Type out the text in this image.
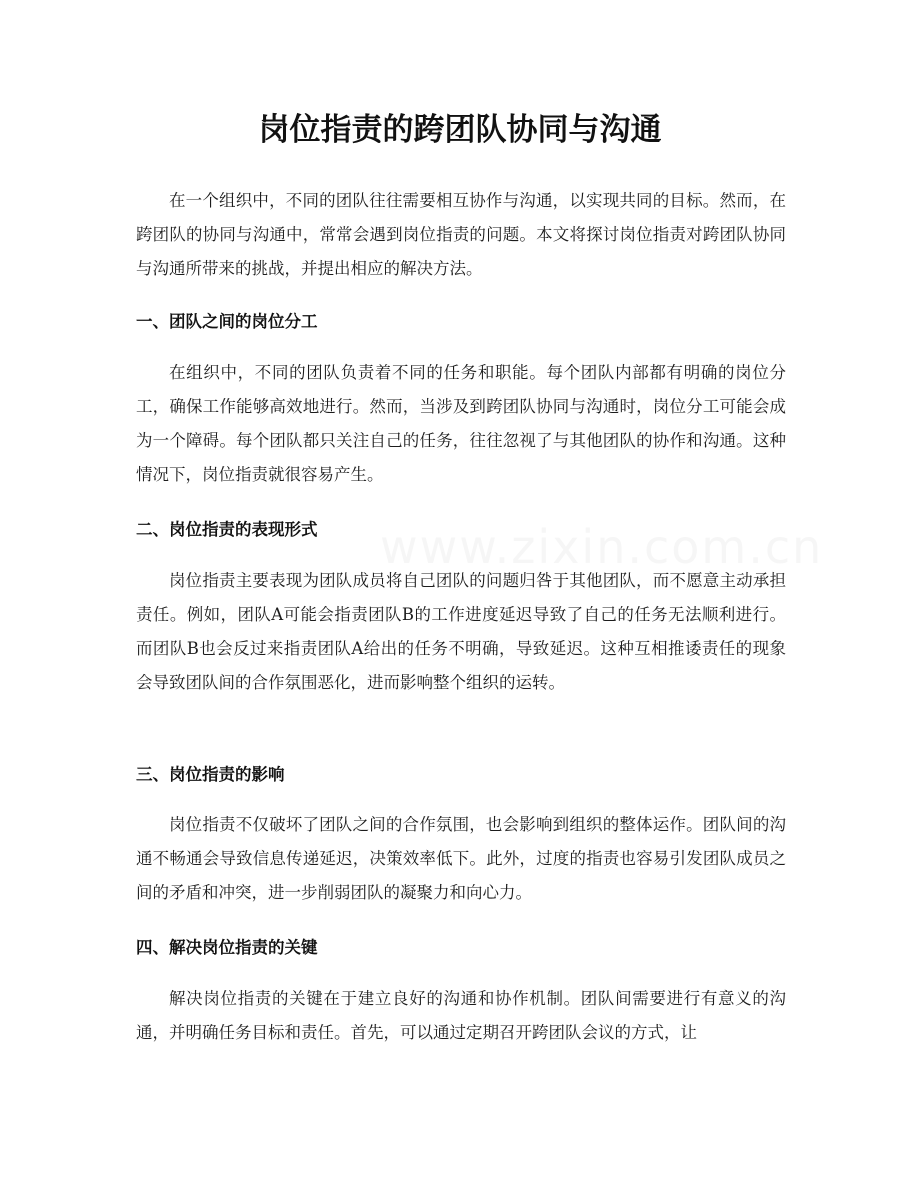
www.zixin.com.cn
岗位指责的跨团队协同与沟通

在一个组织中，不同的团队往往需要相互协作与沟通，以实现共同的目标。然而，在跨团队的协同与沟通中，常常会遇到岗位指责的问题。本文将探讨岗位指责对跨团队协同与沟通所带来的挑战，并提出相应的解决方法。

一、团队之间的岗位分工

在组织中，不同的团队负责着不同的任务和职能。每个团队内部都有明确的岗位分工，确保工作能够高效地进行。然而，当涉及到跨团队协同与沟通时，岗位分工可能会成为一个障碍。每个团队都只关注自己的任务，往往忽视了与其他团队的协作和沟通。这种情况下，岗位指责就很容易产生。

二、岗位指责的表现形式

岗位指责主要表现为团队成员将自己团队的问题归咎于其他团队，而不愿意主动承担责任。例如，团队A可能会指责团队B的工作进度延迟导致了自己的任务无法顺利进行。而团队B也会反过来指责团队A给出的任务不明确，导致延迟。这种互相推诿责任的现象会导致团队间的合作氛围恶化，进而影响整个组织的运转。

三、岗位指责的影响

岗位指责不仅破坏了团队之间的合作氛围，也会影响到组织的整体运作。团队间的沟通不畅通会导致信息传递延迟，决策效率低下。此外，过度的指责也容易引发团队成员之间的矛盾和冲突，进一步削弱团队的凝聚力和向心力。

四、解决岗位指责的关键

解决岗位指责的关键在于建立良好的沟通和协作机制。团队间需要进行有意义的沟通，并明确任务目标和责任。首先，可以通过定期召开跨团队会议的方式，让
